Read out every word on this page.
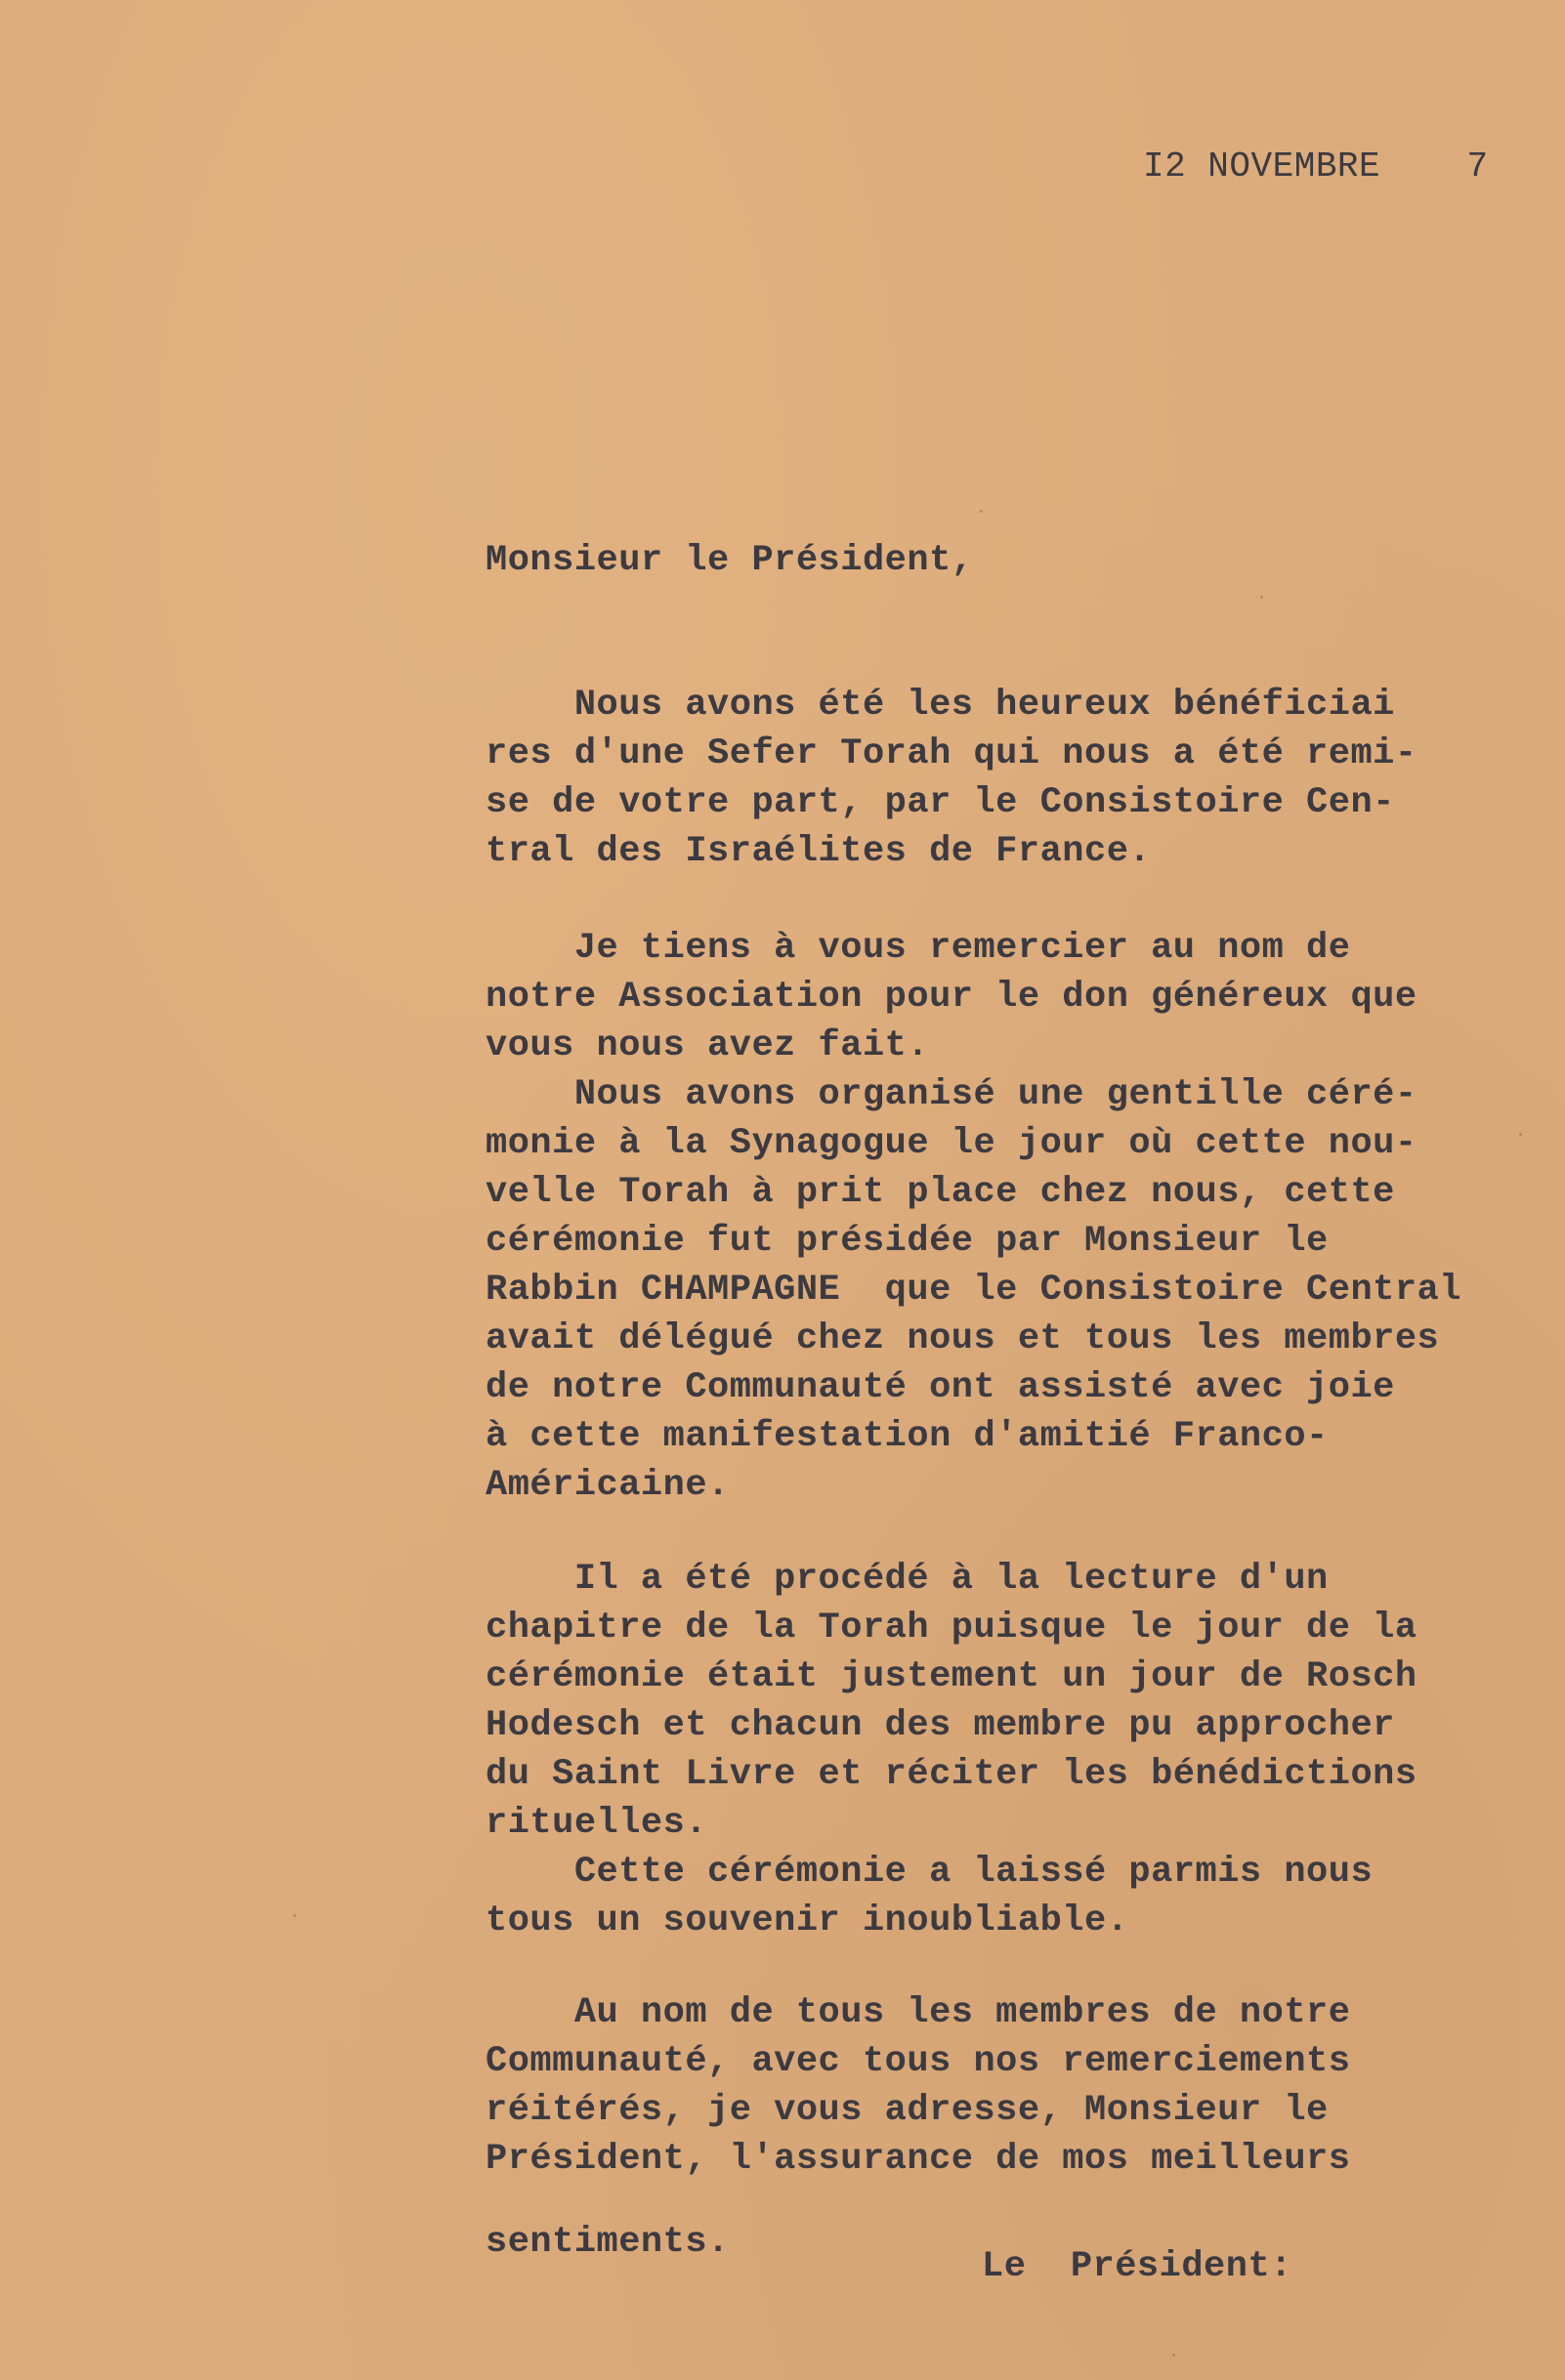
I2 NOVEMBRE    7
Monsieur le Président,
Nous avons été les heureux bénéficiai
res d'une Sefer Torah qui nous a été remi-
se de votre part, par le Consistoire Cen-
tral des Israélites de France.
Je tiens à vous remercier au nom de
notre Association pour le don généreux que
vous nous avez fait.
Nous avons organisé une gentille céré-
monie à la Synagogue le jour où cette nou-
velle Torah à prit place chez nous, cette
cérémonie fut présidée par Monsieur le
Rabbin CHAMPAGNE  que le Consistoire Central
avait délégué chez nous et tous les membres
de notre Communauté ont assisté avec joie
à cette manifestation d'amitié Franco-
Américaine.
Il a été procédé à la lecture d'un
chapitre de la Torah puisque le jour de la
cérémonie était justement un jour de Rosch
Hodesch et chacun des membre pu approcher
du Saint Livre et réciter les bénédictions
rituelles.
Cette cérémonie a laissé parmis nous
tous un souvenir inoubliable.
Au nom de tous les membres de notre
Communauté, avec tous nos remerciements
réitérés, je vous adresse, Monsieur le
Président, l'assurance de mos meilleurs
sentiments.
Le  Président:
